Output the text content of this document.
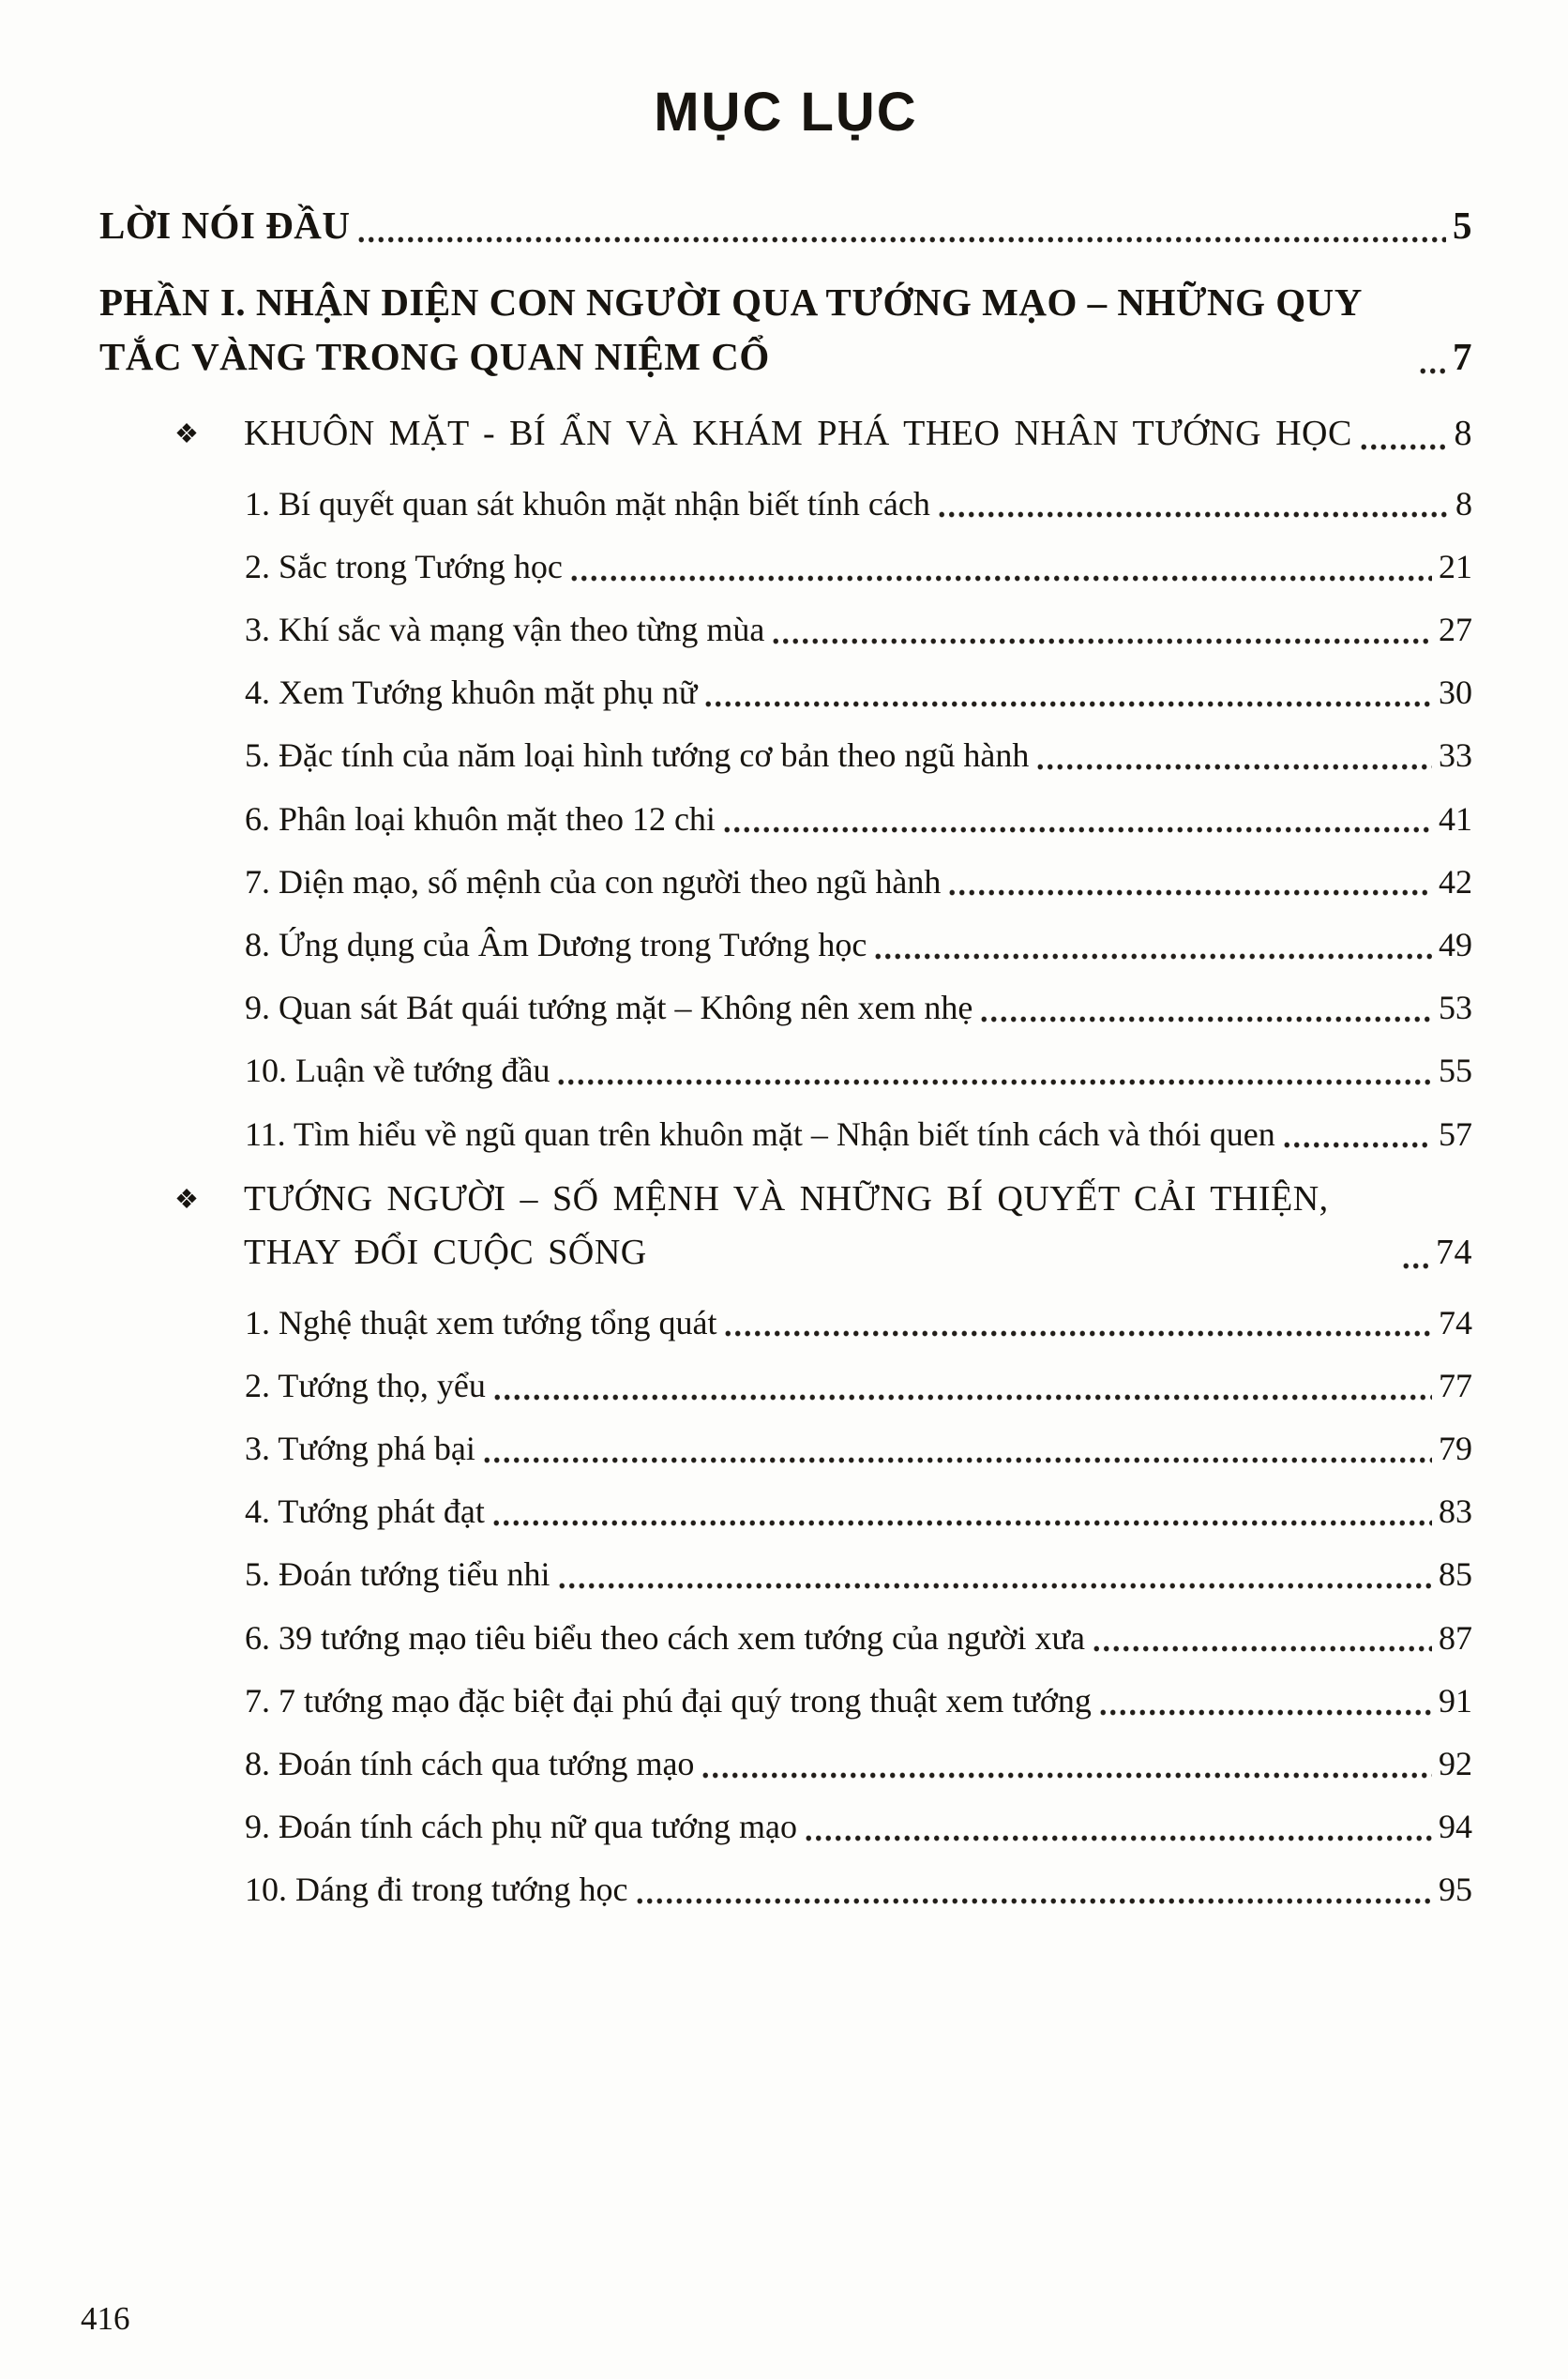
MỤC LỤC
LỜI NÓI ĐẦU	5
PHẦN I. NHẬN DIỆN CON NGƯỜI QUA TƯỚNG MẠO – NHỮNG QUY TẮC VÀNG TRONG QUAN NIỆM CỔ	7
❖	KHUÔN MẶT - BÍ ẨN VÀ KHÁM PHÁ THEO NHÂN TƯỚNG HỌC	8
1. Bí quyết quan sát khuôn mặt nhận biết tính cách	8
2. Sắc trong Tướng học	21
3. Khí sắc và mạng vận theo từng mùa	27
4. Xem Tướng khuôn mặt phụ nữ	30
5. Đặc tính của năm loại hình tướng cơ bản theo ngũ hành	33
6. Phân loại khuôn mặt theo 12 chi	41
7. Diện mạo, số mệnh của con người theo ngũ hành	42
8. Ứng dụng của Âm Dương trong Tướng học	49
9. Quan sát Bát quái tướng mặt – Không nên xem nhẹ	53
10. Luận về tướng đầu	55
11. Tìm hiểu về ngũ quan trên khuôn mặt – Nhận biết tính cách và thói quen	57
❖	TƯỚNG NGƯỜI – SỐ MỆNH VÀ NHỮNG BÍ QUYẾT CẢI THIỆN, THAY ĐỔI CUỘC SỐNG	74
1. Nghệ thuật xem tướng tổng quát	74
2. Tướng thọ, yểu	77
3. Tướng phá bại	79
4. Tướng phát đạt	83
5. Đoán tướng tiểu nhi	85
6. 39 tướng mạo tiêu biểu theo cách xem tướng của người xưa	87
7. 7 tướng mạo đặc biệt đại phú đại quý trong thuật xem tướng	91
8. Đoán tính cách qua tướng mạo	92
9. Đoán tính cách phụ nữ qua tướng mạo	94
10. Dáng đi trong tướng học	95
416
